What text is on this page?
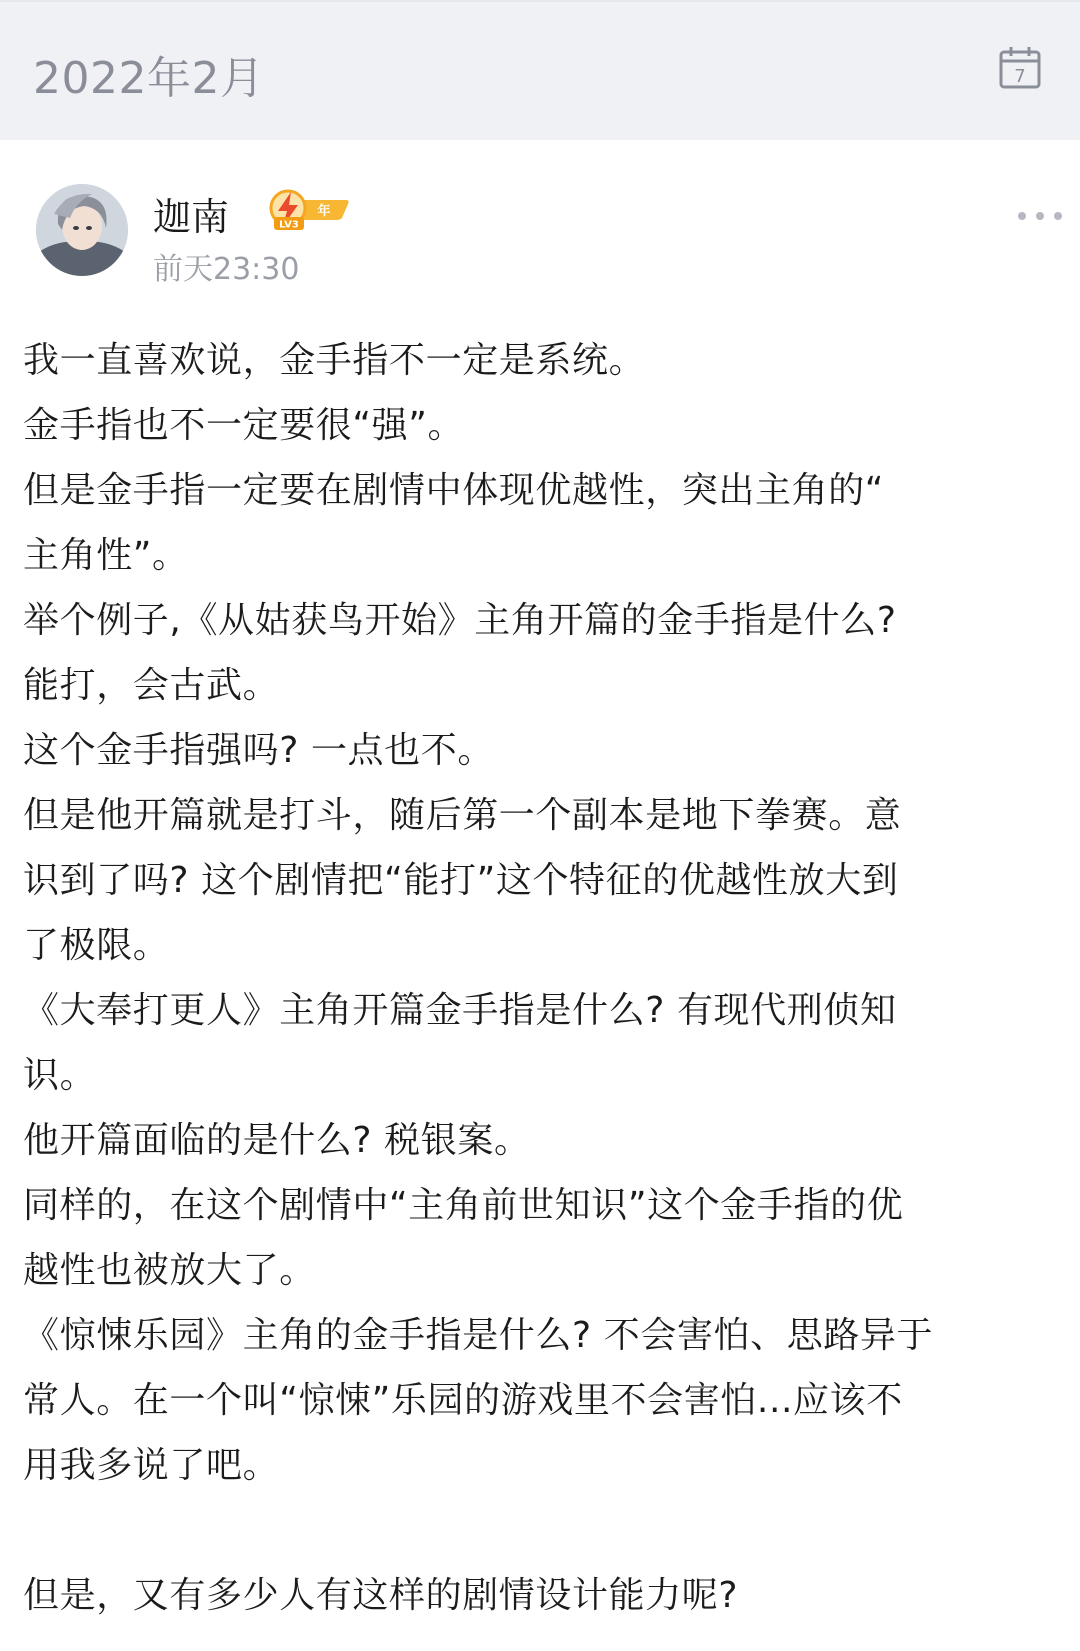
2022年2月	7
迦南	年
LV3
前天23:30
我一直喜欢说，金手指不一定是系统。
金手指也不一定要很“强”。
但是金手指一定要在剧情中体现优越性，突出主角的“
主角性”。
举个例子,《从姑获鸟开始》主角开篇的金手指是什么?
能打，会古武。
这个金手指强吗? 一点也不。
但是他开篇就是打斗，随后第一个副本是地下拳赛。意
识到了吗? 这个剧情把“能打”这个特征的优越性放大到
了极限。
《大奉打更人》主角开篇金手指是什么? 有现代刑侦知
识。
他开篇面临的是什么? 税银案。
同样的，在这个剧情中“主角前世知识”这个金手指的优
越性也被放大了。
《惊悚乐园》主角的金手指是什么? 不会害怕、思路异于
常人。在一个叫“惊悚”乐园的游戏里不会害怕...应该不
用我多说了吧。
但是，又有多少人有这样的剧情设计能力呢?
